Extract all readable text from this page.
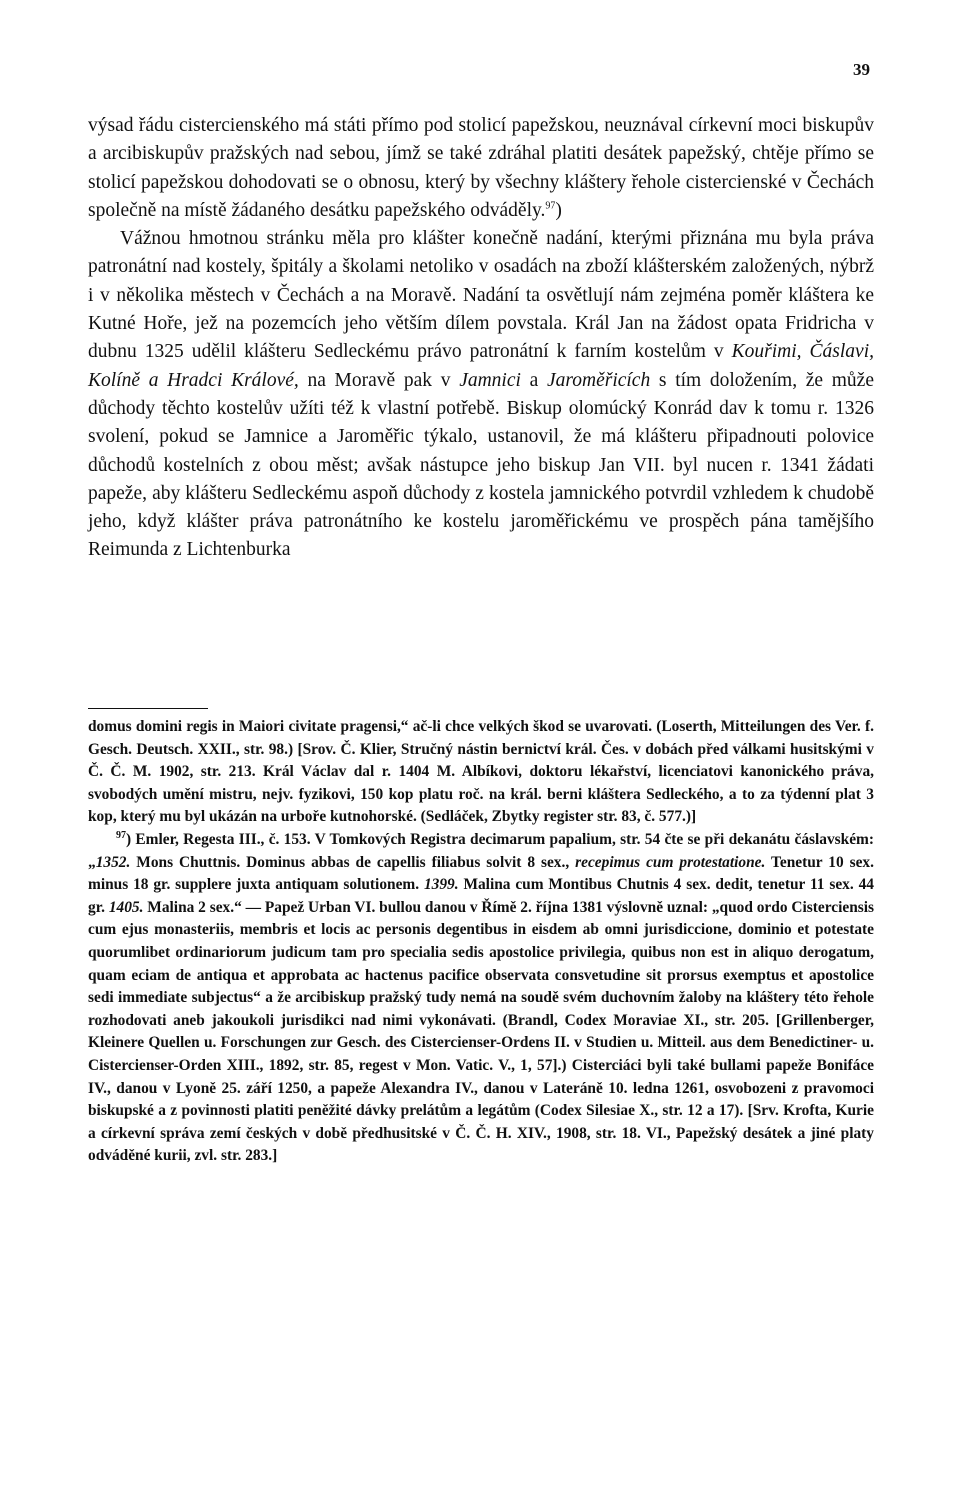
39

výsad řádu cistercienského má státi přímo pod stolicí papežskou, neuznával církevní moci biskupův a arcibiskupův pražských nad sebou, jímž se také zdráhal platiti desátek papežský, chtěje přímo se stolicí papežskou dohodovati se o obnosu, který by všechny kláštery řehole cistercienské v Čechách společně na místě žádaného desátku papežského odváděly.$^{97}$)

Vážnou hmotnou stránku měla pro klášter konečně nadání, kterými přiznána mu byla práva patronátní nad kostely, špitály a školami netoliko v osadách na zboží klášterském založených, nýbrž i v několika městech v Čechách a na Moravě. Nadání ta osvětlují nám zejména poměr kláštera ke Kutné Hoře, jež na pozemcích jeho větším dílem povstala. Král Jan na žádost opata Fridricha v dubnu 1325 udělil klášteru Sedleckému právo patronátní k farním kostelům v Kouřimi, Čáslavi, Kolíně a Hradci Králové, na Moravě pak v Jamnici a Jaroměřicích s tím doložením, že může důchody těchto kostelův užíti též k vlastní potřebě. Biskup olomúcký Konrád dav k tomu r. 1326 svolení, pokud se Jamnice a Jaroměřic týkalo, ustanovil, že má klášteru připadnouti polovice důchodů kostelních z obou měst; avšak nástupce jeho biskup Jan VII. byl nucen r. 1341 žádati papeže, aby klášteru Sedleckému aspoň důchody z kostela jamnického potvrdil vzhledem k chudobě jeho, když klášter práva patronátního ke kostelu jaroměřickému ve prospěch pána tamějšího Reimunda z Lichtenburka

domus domini regis in Maiori civitate pragensi,“ ač-li chce velkých škod se uvarovati. (Loserth, Mitteilungen des Ver. f. Gesch. Deutsch. XXII., str. 98.) [Srov. Č. Klier, Stručný nástin bernictví král. Čes. v dobách před válkami husitskými v Č. Č. M. 1902, str. 213. Král Václav dal r. 1404 M. Albíkovi, doktoru lékařství, licenciatovi kanonického práva, svobodých umění mistru, nejv. fyzikovi, 150 kop platu roč. na král. berni kláštera Sedleckého, a to za týdenní plat 3 kop, který mu byl ukázán na urboře kutnohorské. (Sedláček, Zbytky register str. 83, č. 577.)]

$^{97}$) Emler, Regesta III., č. 153. V Tomkových Registra decimarum papalium, str. 54 čte se při dekanátu čáslavském: „1352. Mons Chuttnis. Dominus abbas de capellis filiabus solvit 8 sex., recepimus cum protestatione. Tenetur 10 sex. minus 18 gr. supplere juxta antiquam solutionem. 1399. Malina cum Montibus Chutnis 4 sex. dedit, tenetur 11 sex. 44 gr. 1405. Malina 2 sex.“ — Papež Urban VI. bullou danou v Římě 2. října 1381 výslovně uznal: „quod ordo Cisterciensis cum ejus monasteriis, membris et locis ac personis degentibus in eisdem ab omni jurisdiccione, dominio et potestate quorumlibet ordinariorum judicum tam pro specialia sedis apostolice privilegia, quibus non est in aliquo derogatum, quam eciam de antiqua et approbata ac hactenus pacifice observata consvetudine sit prorsus exemptus et apostolice sedi immediate subjectus“ a že arcibiskup pražský tudy nemá na soudě svém duchovním žaloby na kláštery této řehole rozhodovati aneb jakoukoli jurisdikci nad nimi vykonávati. (Brandl, Codex Moraviae XI., str. 205. [Grillenberger, Kleinere Quellen u. Forschungen zur Gesch. des Cistercienser-Ordens II. v Studien u. Mitteil. aus dem Benedictiner- u. Cistercienser-Orden XIII., 1892, str. 85, regest v Mon. Vatic. V., 1, 57].) Cisterciáci byli také bullami papeže Bonifáce IV., danou v Lyoně 25. září 1250, a papeže Alexandra IV., danou v Lateráně 10. ledna 1261, osvobozeni z pravomoci biskupské a z povinnosti platiti peněžité dávky prelátům a legátům (Codex Silesiae X., str. 12 a 17). [Srv. Krofta, Kurie a církevní správa zemí českých v době předhusitské v Č. Č. H. XIV., 1908, str. 18. VI., Papežský desátek a jiné platy odváděné kurii, zvl. str. 283.]
